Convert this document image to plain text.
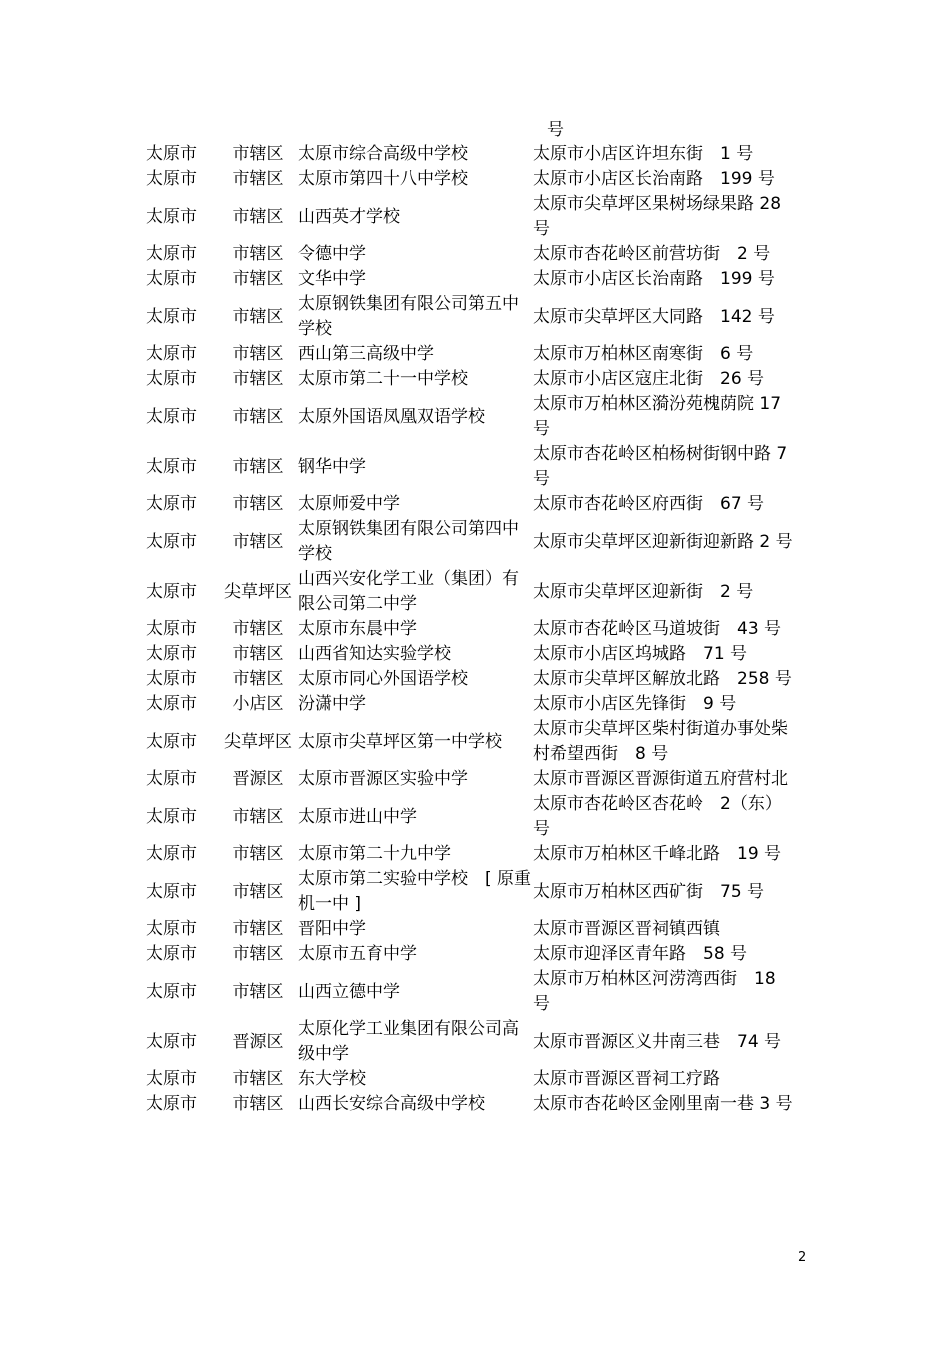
号
太原市	市辖区	太原市综合高级中学校	太原市小店区许坦东街　1 号
太原市	市辖区	太原市第四十八中学校	太原市小店区长治南路　199 号
太原市	市辖区	山西英才学校	太原市尖草坪区果树场绿果路 28 号
太原市	市辖区	令德中学	太原市杏花岭区前营坊街　2 号
太原市	市辖区	文华中学	太原市小店区长治南路　199 号
太原市	市辖区	太原钢铁集团有限公司第五中学校	太原市尖草坪区大同路　142 号
太原市	市辖区	西山第三高级中学	太原市万柏林区南寒街　6 号
太原市	市辖区	太原市第二十一中学校	太原市小店区寇庄北街　26 号
太原市	市辖区	太原外国语凤凰双语学校	太原市万柏林区漪汾苑槐荫院 17 号
太原市	市辖区	钢华中学	太原市杏花岭区柏杨树街钢中路 7 号
太原市	市辖区	太原师爱中学	太原市杏花岭区府西街　67 号
太原市	市辖区	太原钢铁集团有限公司第四中学校	太原市尖草坪区迎新街迎新路 2 号
太原市	尖草坪区	山西兴安化学工业（集团）有限公司第二中学	太原市尖草坪区迎新街　2 号
太原市	市辖区	太原市东晨中学	太原市杏花岭区马道坡街　43 号
太原市	市辖区	山西省知达实验学校	太原市小店区坞城路　71 号
太原市	市辖区	太原市同心外国语学校	太原市尖草坪区解放北路　258 号
太原市	小店区	汾潇中学	太原市小店区先锋街　9 号
太原市	尖草坪区	太原市尖草坪区第一中学校	太原市尖草坪区柴村街道办事处柴村希望西街　8 号
太原市	晋源区	太原市晋源区实验中学	太原市晋源区晋源街道五府营村北
太原市	市辖区	太原市进山中学	太原市杏花岭区杏花岭　2（东）号
太原市	市辖区	太原市第二十九中学	太原市万柏林区千峰北路　19 号
太原市	市辖区	太原市第二实验中学校　[ 原重机一中 ]	太原市万柏林区西矿街　75 号
太原市	市辖区	晋阳中学	太原市晋源区晋祠镇西镇
太原市	市辖区	太原市五育中学	太原市迎泽区青年路　58 号
太原市	市辖区	山西立德中学	太原市万柏林区河涝湾西街　18 号
太原市	晋源区	太原化学工业集团有限公司高级中学	太原市晋源区义井南三巷　74 号
太原市	市辖区	东大学校	太原市晋源区晋祠工疗路
太原市	市辖区	山西长安综合高级中学校	太原市杏花岭区金刚里南一巷 3 号
2
